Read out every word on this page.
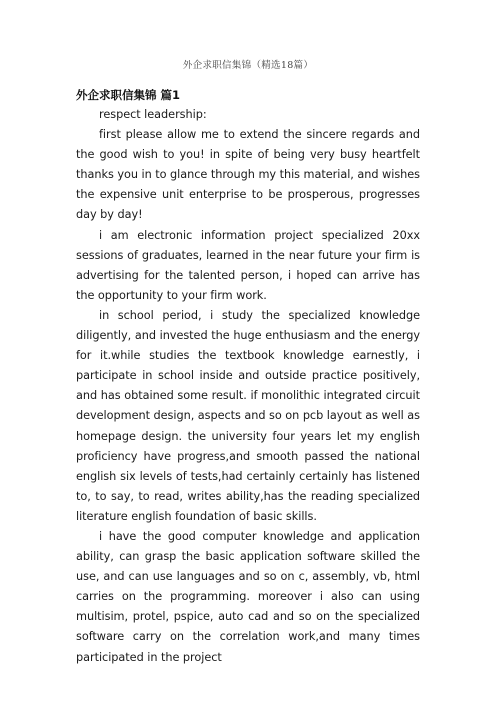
外企求职信集锦（精选18篇）

外企求职信集锦 篇1

respect leadership:

first please allow me to extend the sincere regards and the good wish to you! in spite of being very busy heartfelt thanks you in to glance through my this material, and wishes the expensive unit enterprise to be prosperous, progresses day by day!

i am electronic information project specialized 20xx sessions of graduates, learned in the near future your firm is advertising for the talented person, i hoped can arrive has the opportunity to your firm work.

in school period, i study the specialized knowledge diligently, and invested the huge enthusiasm and the energy for it.while studies the textbook knowledge earnestly, i participate in school inside and outside practice positively, and has obtained some result. if monolithic integrated circuit development design, aspects and so on pcb layout as well as homepage design. the university four years let my english proficiency have progress,and smooth passed the national english six levels of tests,had certainly certainly has listened to, to say, to read, writes ability,has the reading specialized literature english foundation of basic skills.

i have the good computer knowledge and application ability, can grasp the basic application software skilled the use, and can use languages and so on c, assembly, vb, html carries on the programming. moreover i also can using multisim, protel, pspice, auto cad and so on the specialized software carry on the correlation work,and many times participated in the project
